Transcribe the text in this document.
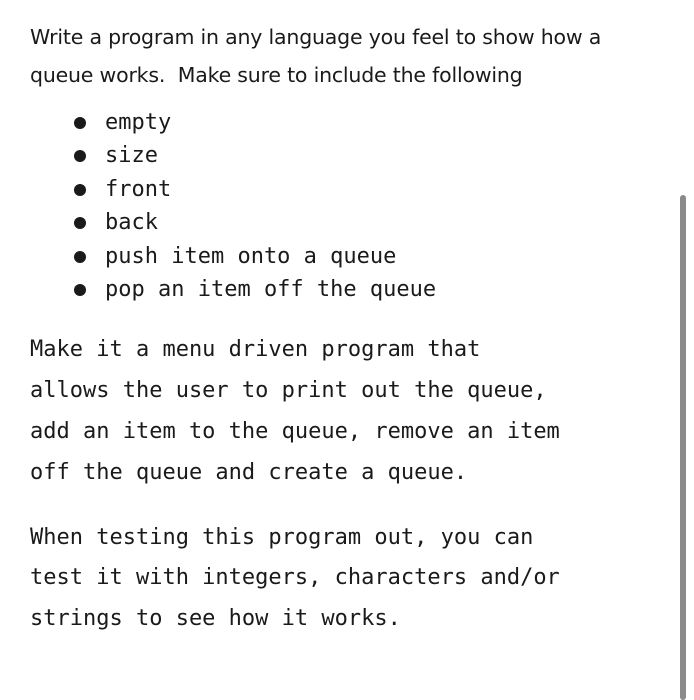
Write a program in any language you feel to show how a
queue works.  Make sure to include the following

empty
size
front
back
push item onto a queue
pop an item off the queue

Make it a menu driven program that
allows the user to print out the queue,
add an item to the queue, remove an item
off the queue and create a queue.

When testing this program out, you can
test it with integers, characters and/or
strings to see how it works.
